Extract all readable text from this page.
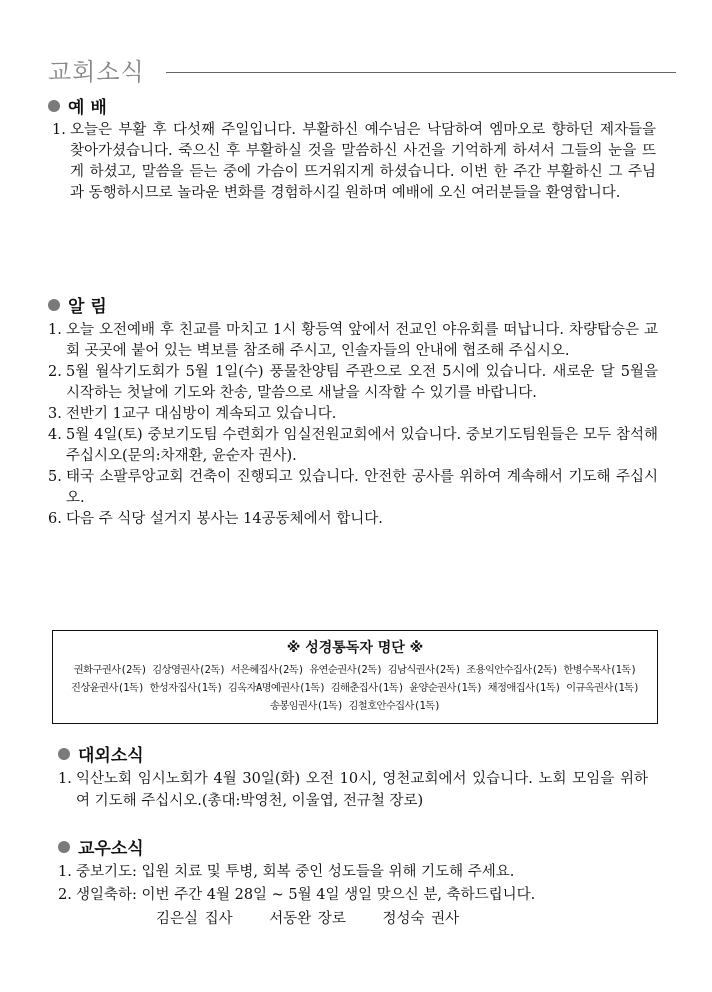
교회소식
예 배
1. 오늘은 부활 후 다섯째 주일입니다. 부활하신 예수님은 낙담하여 엠마오로 향하던 제자들을 찾아가셨습니다. 죽으신 후 부활하실 것을 말씀하신 사건을 기억하게 하셔서 그들의 눈을 뜨게 하셨고, 말씀을 듣는 중에 가슴이 뜨거워지게 하셨습니다. 이번 한 주간 부활하신 그 주님과 동행하시므로 놀라운 변화를 경험하시길 원하며 예배에 오신 여러분들을 환영합니다.
알 림
1. 오늘 오전예배 후 친교를 마치고 1시 황등역 앞에서 전교인 야유회를 떠납니다. 차량탑승은 교회 곳곳에 붙어 있는 벽보를 참조해 주시고, 인솔자들의 안내에 협조해 주십시오.
2. 5월 월삭기도회가 5월 1일(수) 풍물찬양팀 주관으로 오전 5시에 있습니다. 새로운 달 5월을 시작하는 첫날에 기도와 찬송, 말씀으로 새날을 시작할 수 있기를 바랍니다.
3. 전반기 1교구 대심방이 계속되고 있습니다.
4. 5월 4일(토) 중보기도팀 수련회가 임실전원교회에서 있습니다. 중보기도팀원들은 모두 참석해 주십시오(문의:차재환, 윤순자 권사).
5. 태국 소팔루앙교회 건축이 진행되고 있습니다. 안전한 공사를 위하여 계속해서 기도해 주십시오.
6. 다음 주 식당 설거지 봉사는 14공동체에서 합니다.
※ 성경통독자 명단 ※
권화구권사(2독) 김상영권사(2독) 서은혜집사(2독) 유연순권사(2독) 김남식권사(2독) 조용익안수집사(2독) 한병수목사(1독)
진상윤권사(1독) 한성자집사(1독) 김옥자A명예권사(1독) 김해춘집사(1독) 윤양순권사(1독) 채정애집사(1독) 이규옥권사(1독)
송봉임권사(1독) 김철호안수집사(1독)
대외소식
1. 익산노회 임시노회가 4월 30일(화) 오전 10시, 영천교회에서 있습니다. 노회 모임을 위하여 기도해 주십시오.(총대:박영천, 이울엽, 전규철 장로)
교우소식
1. 중보기도: 입원 치료 및 투병, 회복 중인 성도들을 위해 기도해 주세요.
2. 생일축하: 이번 주간 4월 28일 ~ 5월 4일 생일 맞으신 분, 축하드립니다.
김은실 집사	서동완 장로	정성숙 권사
